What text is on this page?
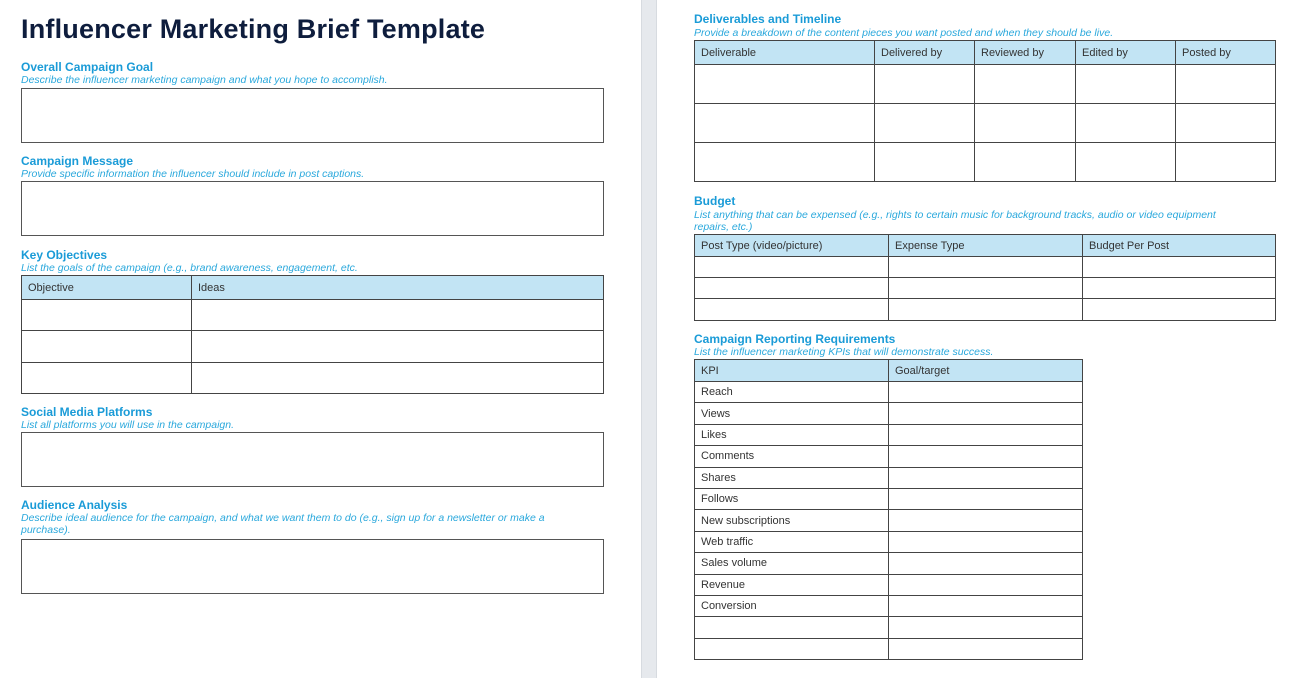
Influencer Marketing Brief Template
Overall Campaign Goal
Describe the influencer marketing campaign and what you hope to accomplish.
Campaign Message
Provide specific information the influencer should include in post captions.
Key Objectives
List the goals of the campaign (e.g., brand awareness, engagement, etc.
Objective	Ideas

Social Media Platforms
List all platforms you will use in the campaign.
Audience Analysis
Describe ideal audience for the campaign, and what we want them to do (e.g., sign up for a newsletter or make a purchase).
Deliverables and Timeline
Provide a breakdown of the content pieces you want posted and when they should be live.
Deliverable	Delivered by	Reviewed by	Edited by	Posted by

Budget
List anything that can be expensed (e.g., rights to certain music for background tracks, audio or video equipment repairs, etc.)
Post Type (video/picture)	Expense Type	Budget Per Post

Campaign Reporting Requirements
List the influencer marketing KPIs that will demonstrate success.
KPI	Goal/target
Reach	
Views	
Likes	
Comments	
Shares	
Follows	
New subscriptions	
Web traffic	
Sales volume	
Revenue	
Conversion	
